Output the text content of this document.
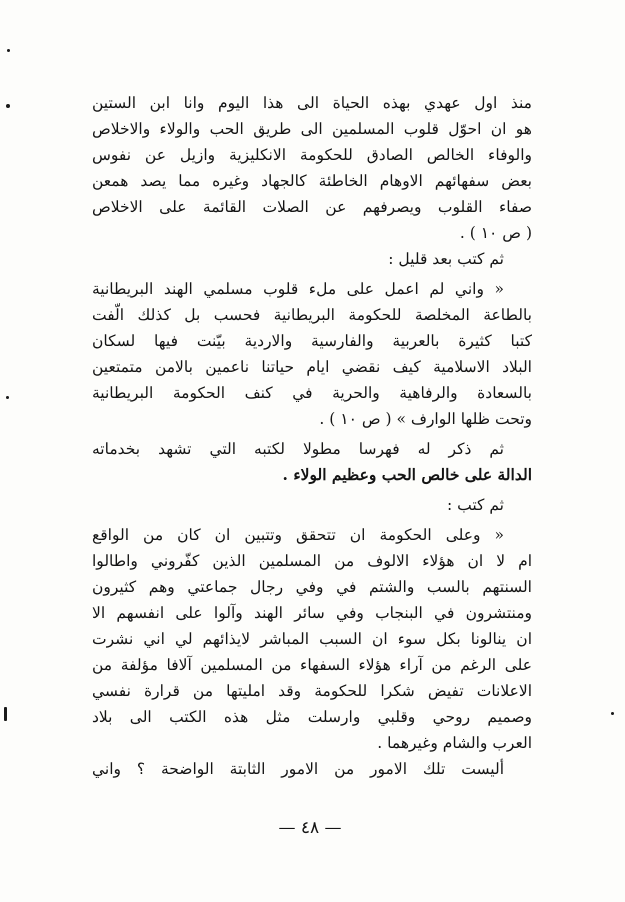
منذ اول عهدي بهذه الحياة الى هذا اليوم وانا ابن الستين
هو ان احوّل قلوب المسلمين الى طريق الحب والولاء والاخلاص
والوفاء الخالص الصادق للحكومة الانكليزية وازيل عن نفوس
بعض سفهائهم الاوهام الخاطئة كالجهاد وغيره مما يصد همعن
صفاء القلوب ويصرفهم عن الصلات القائمة على الاخلاص
( ص ١٠ ) .
ثم كتب بعد قليل :
« واني لم اعمل على ملء قلوب مسلمي الهند البريطانية
بالطاعة المخلصة للحكومة البريطانية فحسب بل كذلك الّفت
كتبا كثيرة بالعربية والفارسية والاردية بيّنت فيها لسكان
البلاد الاسلامية كيف نقضي ايام حياتنا ناعمين بالامن متمتعين
بالسعادة والرفاهية والحرية في كنف الحكومة البريطانية
وتحت ظلها الوارف » ( ص ١٠ ) .
ثم ذكر له فهرسا مطولا لكتبه التي تشهد بخدماته
الدالة على خالص الحب وعظيم الولاء .
ثم كتب :
« وعلى الحكومة ان تتحقق وتتبين ان كان من الواقع
ام لا ان هؤلاء الالوف من المسلمين الذين كفّروني واطالوا
السنتهم بالسب والشتم في وفي رجال جماعتي وهم كثيرون
ومنتشرون في البنجاب وفي سائر الهند وآلوا على انفسهم الا
ان ينالونا بكل سوء ان السبب المباشر لايذائهم لي اني نشرت
على الرغم من آراء هؤلاء السفهاء من المسلمين آلافا مؤلفة من
الاعلانات تفيض شكرا للحكومة وقد امليتها من قرارة نفسي
وصميم روحي وقلبي وارسلت مثل هذه الكتب الى بلاد
العرب والشام وغيرهما .
أليست تلك الامور من الامور الثابتة الواضحة ؟ واني
— ٤٨ —
